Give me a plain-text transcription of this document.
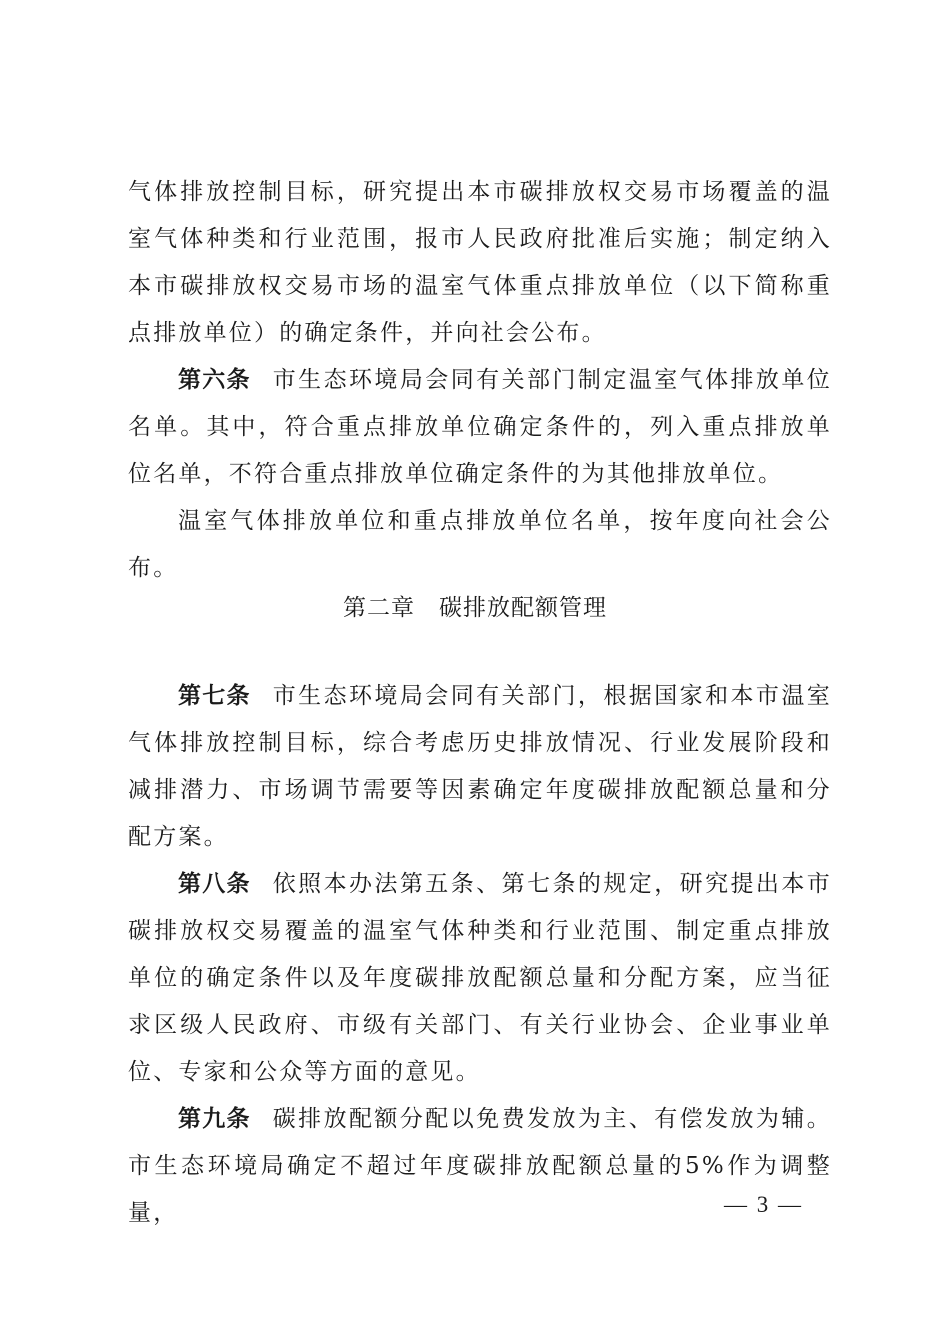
气体排放控制目标，研究提出本市碳排放权交易市场覆盖的温室气体种类和行业范围，报市人民政府批准后实施；制定纳入本市碳排放权交易市场的温室气体重点排放单位（以下简称重点排放单位）的确定条件，并向社会公布。

第六条 市生态环境局会同有关部门制定温室气体排放单位名单。其中，符合重点排放单位确定条件的，列入重点排放单位名单，不符合重点排放单位确定条件的为其他排放单位。

温室气体排放单位和重点排放单位名单，按年度向社会公布。

第二章 碳排放配额管理

第七条 市生态环境局会同有关部门，根据国家和本市温室气体排放控制目标，综合考虑历史排放情况、行业发展阶段和减排潜力、市场调节需要等因素确定年度碳排放配额总量和分配方案。

第八条 依照本办法第五条、第七条的规定，研究提出本市碳排放权交易覆盖的温室气体种类和行业范围、制定重点排放单位的确定条件以及年度碳排放配额总量和分配方案，应当征求区级人民政府、市级有关部门、有关行业协会、企业事业单位、专家和公众等方面的意见。

第九条 碳排放配额分配以免费发放为主、有偿发放为辅。市生态环境局确定不超过年度碳排放配额总量的5%作为调整量，	— 3 —
